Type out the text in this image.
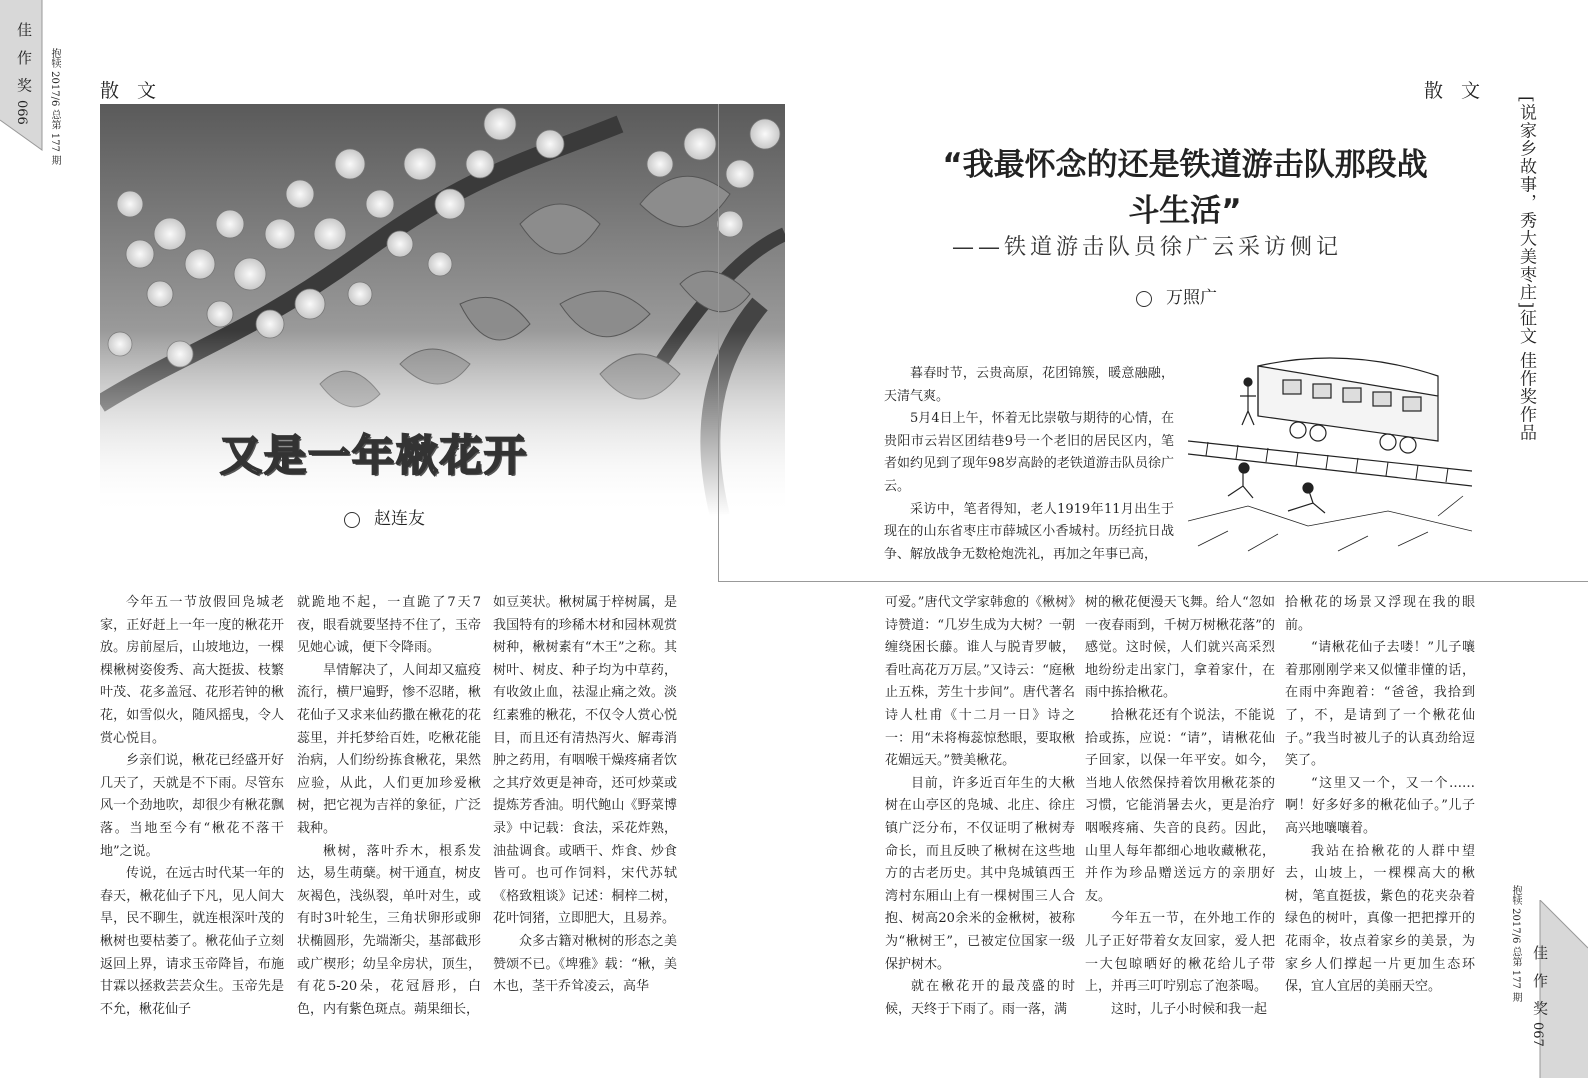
佳 作 奖
066 抱犊 2017/6 总第 177 期 散 文
又是一年楸花开
赵连友

今年五一节放假回凫城老家，正好赶上一年一度的楸花开放。房前屋后，山坡地边，一棵棵楸树姿俊秀、高大挺拔、枝繁叶茂、花多盖冠、花形若钟的楸花，如雪似火，随风摇曳，令人赏心悦目。

乡亲们说，楸花已经盛开好几天了，天就是不下雨。尽管东风一个劲地吹，却很少有楸花飘落。当地至今有“楸花不落干地”之说。

传说，在远古时代某一年的春天，楸花仙子下凡，见人间大旱，民不聊生，就连根深叶茂的楸树也要枯萎了。楸花仙子立刻返回上界，请求玉帝降旨，布施甘霖以拯救芸芸众生。玉帝先是不允，楸花仙子

就跪地不起，一直跪了7天7夜，眼看就要坚持不住了，玉帝见她心诚，便下令降雨。

旱情解决了，人间却又瘟疫流行，横尸遍野，惨不忍睹，楸花仙子又求来仙药撒在楸花的花蕊里，并托梦给百姓，吃楸花能治病，人们纷纷拣食楸花，果然应验，从此，人们更加珍爱楸树，把它视为吉祥的象征，广泛栽种。

楸树，落叶乔木，根系发达，易生萌蘖。树干通直，树皮灰褐色，浅纵裂，单叶对生，或有时3叶轮生，三角状卵形或卵状椭圆形，先端渐尖，基部截形或广楔形；幼呈伞房状，顶生，有花5-20朵，花冠唇形，白色，内有紫色斑点。蒴果细长，

如豆荚状。楸树属于梓树属，是我国特有的珍稀木材和园林观赏树种，楸树素有“木王”之称。其树叶、树皮、种子均为中草药，有收敛止血，祛湿止痛之效。淡红素雅的楸花，不仅令人赏心悦目，而且还有清热泻火、解毒消肿之药用，有咽喉干燥疼痛者饮之其疗效更是神奇，还可炒菜或提炼芳香油。明代鲍山《野菜博录》中记载：食法，采花炸熟，油盐调食。或晒干、炸食、炒食皆可。也可作饲料，宋代苏轼《格致粗谈》记述：桐梓二树，花叶饲猪，立即肥大，且易养。

众多古籍对楸树的形态之美赞颂不已。《埤雅》载：“楸，美木也，茎干乔耸凌云，高华

散 文
[说家乡故事，秀大美枣庄]征文 佳作奖作品
“我最怀念的还是铁道游击队那段战斗生活”
——铁道游击队员徐广云采访侧记
万照广

暮春时节，云贵高原，花团锦簇，暖意融融，天清气爽。

5月4日上午，怀着无比崇敬与期待的心情，在贵阳市云岩区团结巷9号一个老旧的居民区内，笔者如约见到了现年98岁高龄的老铁道游击队员徐广云。

采访中，笔者得知，老人1919年11月出生于现在的山东省枣庄市薛城区小香城村。历经抗日战争、解放战争无数枪炮洗礼，再加之年事已高，

可爱。”唐代文学家韩愈的《楸树》诗赞道：“几岁生成为大树？一朝缠绕困长藤。谁人与脱青罗帔，看吐高花万万层。”又诗云：“庭楸止五株，芳生十步间”。唐代著名诗人杜甫《十二月一日》诗之一：用“未将梅蕊惊愁眼，要取楸花媚远天。”赞美楸花。

目前，许多近百年生的大楸树在山亭区的凫城、北庄、徐庄镇广泛分布，不仅证明了楸树寿命长，而且反映了楸树在这些地方的古老历史。其中凫城镇西王湾村东厢山上有一棵树围三人合抱、树高20余米的金楸树，被称为“楸树王”，已被定位国家一级保护树木。

就在楸花开的最茂盛的时候，天终于下雨了。雨一落，满

树的楸花便漫天飞舞。给人“忽如一夜春雨到，千树万树楸花落”的感觉。这时候，人们就兴高采烈地纷纷走出家门，拿着家什，在雨中拣拾楸花。

拾楸花还有个说法，不能说拾或拣，应说：“请”，请楸花仙子回家，以保一年平安。如今，当地人依然保持着饮用楸花茶的习惯，它能消暑去火，更是治疗咽喉疼痛、失音的良药。因此，山里人每年都细心地收藏楸花，并作为珍品赠送远方的亲朋好友。

今年五一节，在外地工作的儿子正好带着女友回家，爱人把一大包晾晒好的楸花给儿子带上，并再三叮咛别忘了泡茶喝。

这时，儿子小时候和我一起

拾楸花的场景又浮现在我的眼前。

“请楸花仙子去喽！”儿子嚷着那刚刚学来又似懂非懂的话，在雨中奔跑着：“爸爸，我拾到了，不，是请到了一个楸花仙子。”我当时被儿子的认真劲给逗笑了。

“这里又一个，又一个……啊！好多好多的楸花仙子。”儿子高兴地嚷嚷着。

我站在拾楸花的人群中望去，山坡上，一棵棵高大的楸树，笔直挺拔，紫色的花夹杂着绿色的树叶，真像一把把撑开的花雨伞，妆点着家乡的美景，为家乡人们撑起一片更加生态环保，宜人宜居的美丽天空。	佳 作 奖
067
抱犊 2017/6 总第 177 期
